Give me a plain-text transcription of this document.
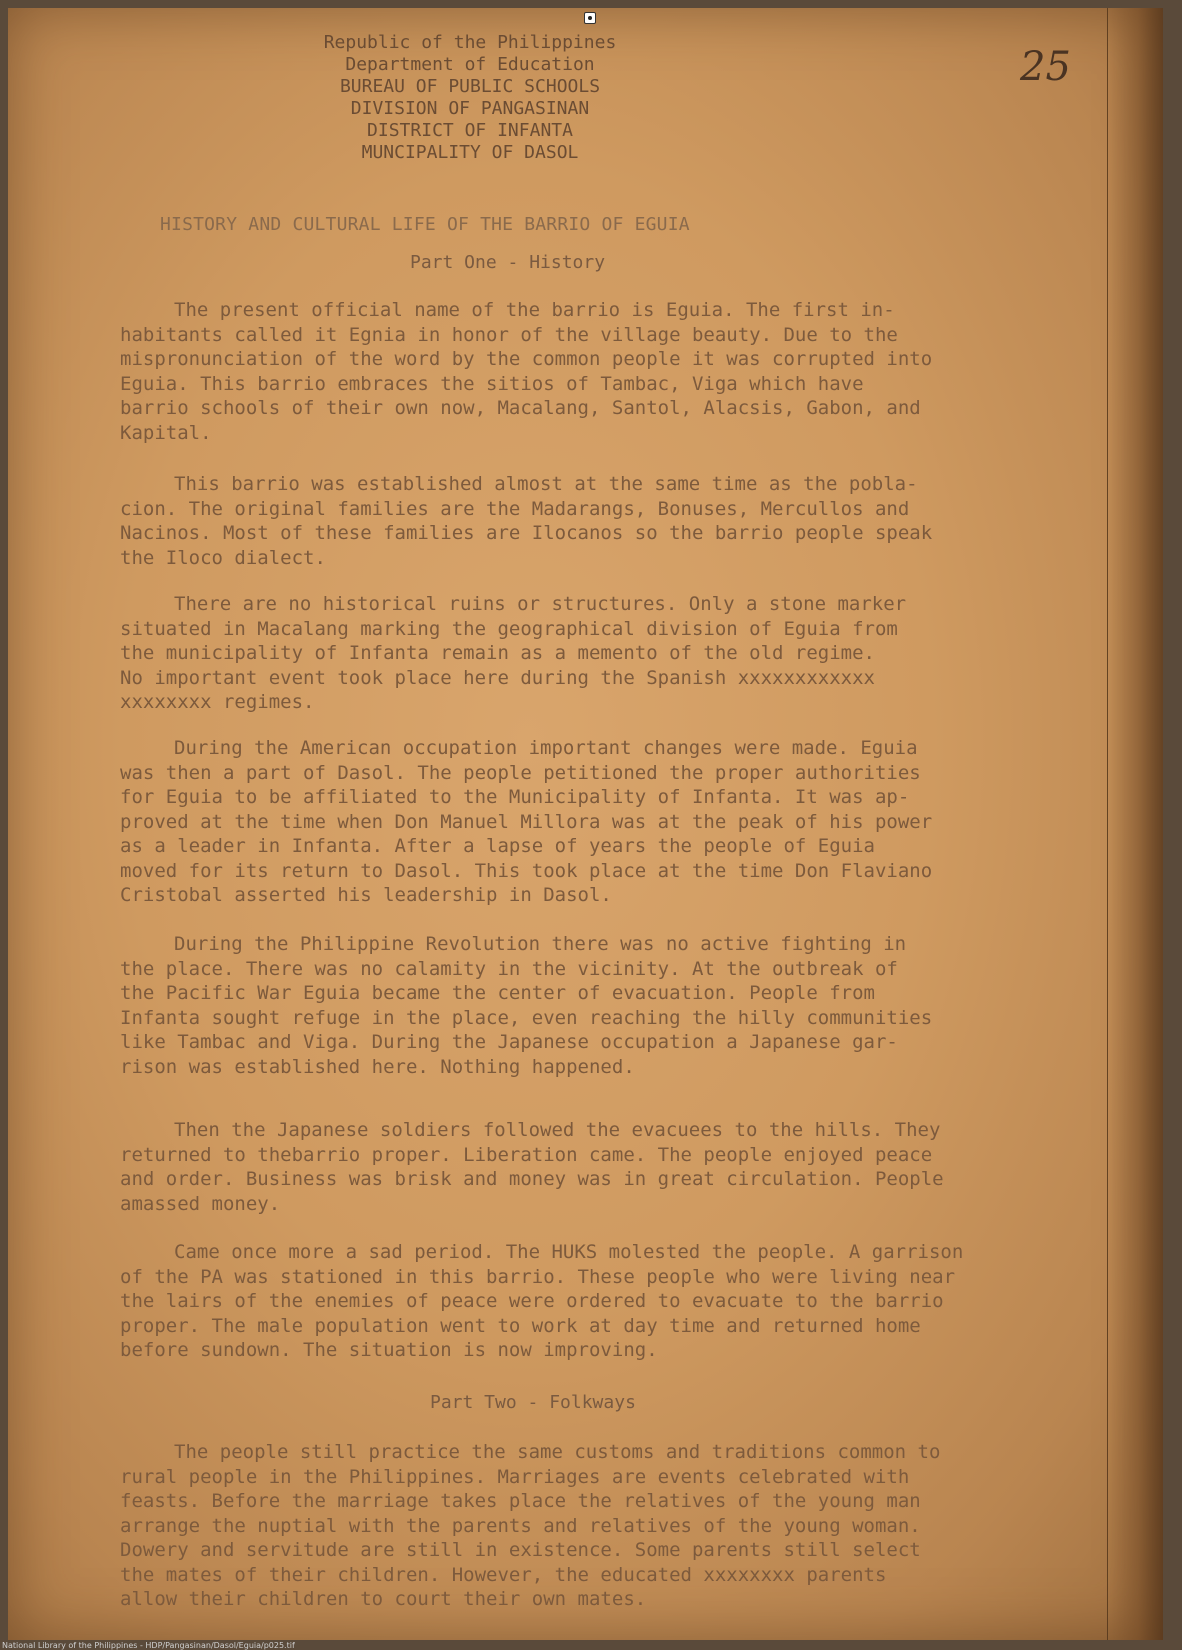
Republic of the Philippines
Department of Education
BUREAU OF PUBLIC SCHOOLS
DIVISION OF PANGASINAN
DISTRICT OF INFANTA
MUNCIPALITY OF DASOL
25
HISTORY AND CULTURAL LIFE OF THE BARRIO OF EGUIA
Part One - History
The present official name of the barrio is Eguia. The first in-
habitants called it Egnia in honor of the village beauty. Due to the
mispronunciation of the word by the common people it was corrupted into
Eguia. This barrio embraces the sitios of Tambac, Viga which have
barrio schools of their own now, Macalang, Santol, Alacsis, Gabon, and
Kapital.
This barrio was established almost at the same time as the pobla-
cion. The original families are the Madarangs, Bonuses, Mercullos and
Nacinos. Most of these families are Ilocanos so the barrio people speak
the Iloco dialect.
There are no historical ruins or structures. Only a stone marker
situated in Macalang marking the geographical division of Eguia from
the municipality of Infanta remain as a memento of the old regime.
No important event took place here during the Spanish xxxxxxxxxxxx
xxxxxxxx regimes.
During the American occupation important changes were made. Eguia
was then a part of Dasol. The people petitioned the proper authorities
for Eguia to be affiliated to the Municipality of Infanta. It was ap-
proved at the time when Don Manuel Millora was at the peak of his power
as a leader in Infanta. After a lapse of years the people of Eguia
moved for its return to Dasol. This took place at the time Don Flaviano
Cristobal asserted his leadership in Dasol.
During the Philippine Revolution there was no active fighting in
the place. There was no calamity in the vicinity. At the outbreak of
the Pacific War Eguia became the center of evacuation. People from
Infanta sought refuge in the place, even reaching the hilly communities
like Tambac and Viga. During the Japanese occupation a Japanese gar-
rison was established here. Nothing happened.
Then the Japanese soldiers followed the evacuees to the hills. They
returned to thebarrio proper. Liberation came. The people enjoyed peace
and order. Business was brisk and money was in great circulation. People
amassed money.
Came once more a sad period. The HUKS molested the people. A garrison
of the PA was stationed in this barrio. These people who were living near
the lairs of the enemies of peace were ordered to evacuate to the barrio
proper. The male population went to work at day time and returned home
before sundown. The situation is now improving.
Part Two - Folkways
The people still practice the same customs and traditions common to
rural people in the Philippines. Marriages are events celebrated with
feasts. Before the marriage takes place the relatives of the young man
arrange the nuptial with the parents and relatives of the young woman.
Dowery and servitude are still in existence. Some parents still select
the mates of their children. However, the educated xxxxxxxx parents
allow their children to court their own mates.
National Library of the Philippines - HDP/Pangasinan/Dasol/Eguia/p025.tif
